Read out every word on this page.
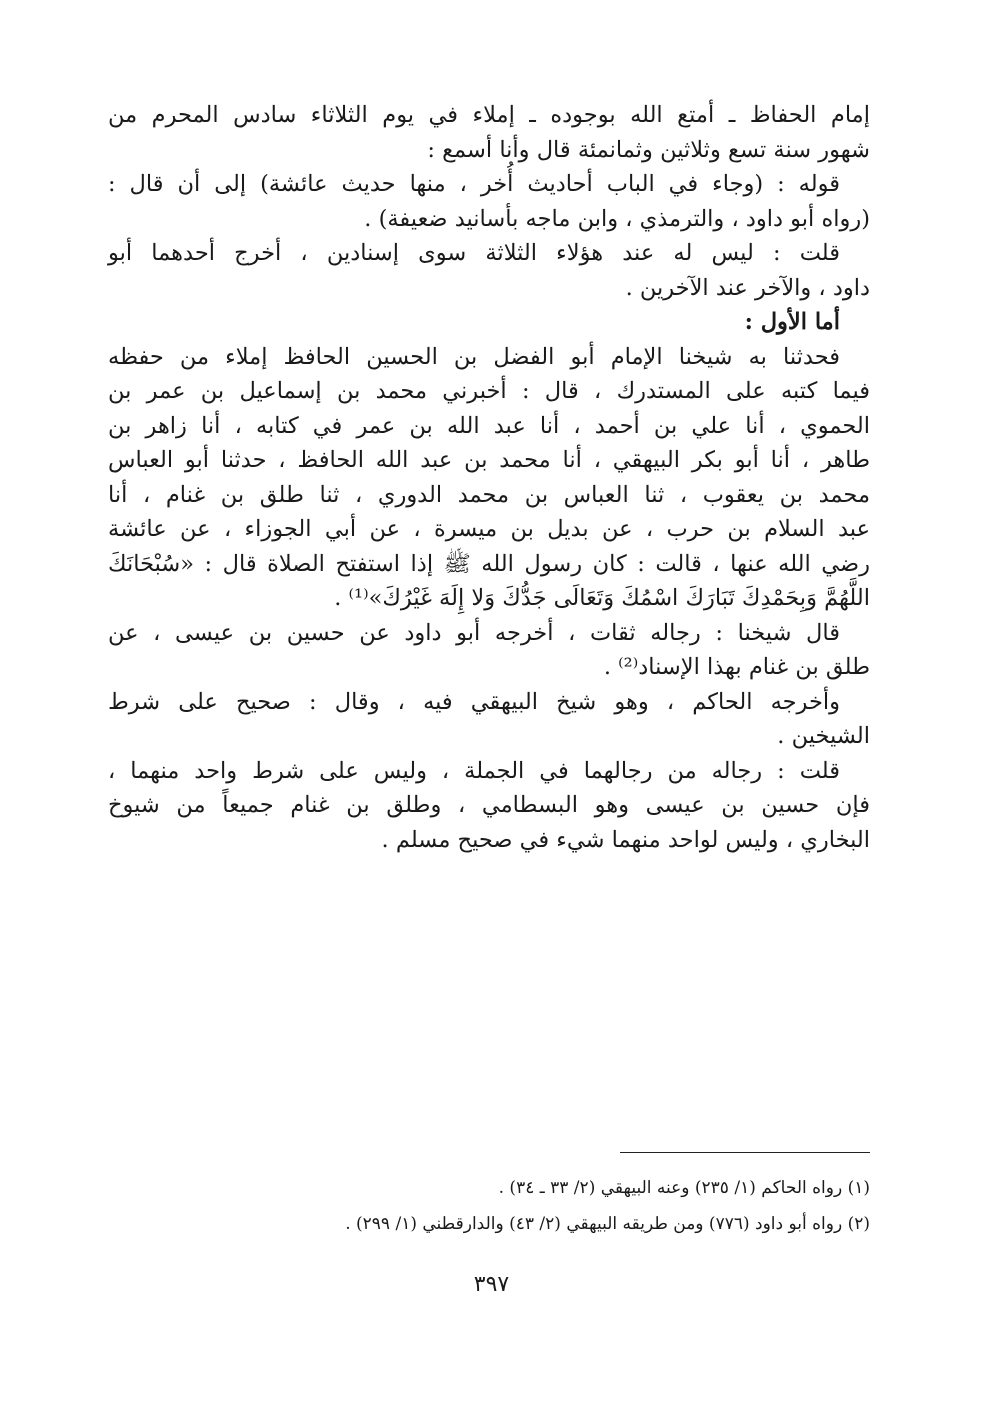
إمام الحفاظ ـ أمتع الله بوجوده ـ إملاء في يوم الثلاثاء سادس المحرم من
شهور سنة تسع وثلاثين وثمانمئة قال وأنا أسمع :
قوله : (وجاء في الباب أحاديث أُخر ، منها حديث عائشة) إلى أن قال :
(رواه أبو داود ، والترمذي ، وابن ماجه بأسانيد ضعيفة) .
قلت : ليس له عند هؤلاء الثلاثة سوى إسنادين ، أخرج أحدهما أبو
داود ، والآخر عند الآخرين .
أما الأول :
فحدثنا به شيخنا الإمام أبو الفضل بن الحسين الحافظ إملاء من حفظه
فيما كتبه على المستدرك ، قال : أخبرني محمد بن إسماعيل بن عمر بن
الحموي ، أنا علي بن أحمد ، أنا عبد الله بن عمر في كتابه ، أنا زاهر بن
طاهر ، أنا أبو بكر البيهقي ، أنا محمد بن عبد الله الحافظ ، حدثنا أبو العباس
محمد بن يعقوب ، ثنا العباس بن محمد الدوري ، ثنا طلق بن غنام ، أنا
عبد السلام بن حرب ، عن بديل بن ميسرة ، عن أبي الجوزاء ، عن عائشة
رضي الله عنها ، قالت : كان رسول الله ﷺ إذا استفتح الصلاة قال : «سُبْحَانَكَ
اللَّهُمَّ وَبِحَمْدِكَ تَبَارَكَ اسْمُكَ وَتَعَالَى جَدُّكَ وَلا إِلَهَ غَيْرُكَ»⁽¹⁾ .
قال شيخنا : رجاله ثقات ، أخرجه أبو داود عن حسين بن عيسى ، عن
طلق بن غنام بهذا الإسناد⁽²⁾ .
وأخرجه الحاكم ، وهو شيخ البيهقي فيه ، وقال : صحيح على شرط
الشيخين .
قلت : رجاله من رجالهما في الجملة ، وليس على شرط واحد منهما ،
فإن حسين بن عيسى وهو البسطامي ، وطلق بن غنام جميعاً من شيوخ
البخاري ، وليس لواحد منهما شيء في صحيح مسلم .
(١) رواه الحاكم (١/ ٢٣٥) وعنه البيهقي (٢/ ٣٣ ـ ٣٤) .
(٢) رواه أبو داود (٧٧٦) ومن طريقه البيهقي (٢/ ٤٣) والدارقطني (١/ ٢٩٩) .
٣٩٧
